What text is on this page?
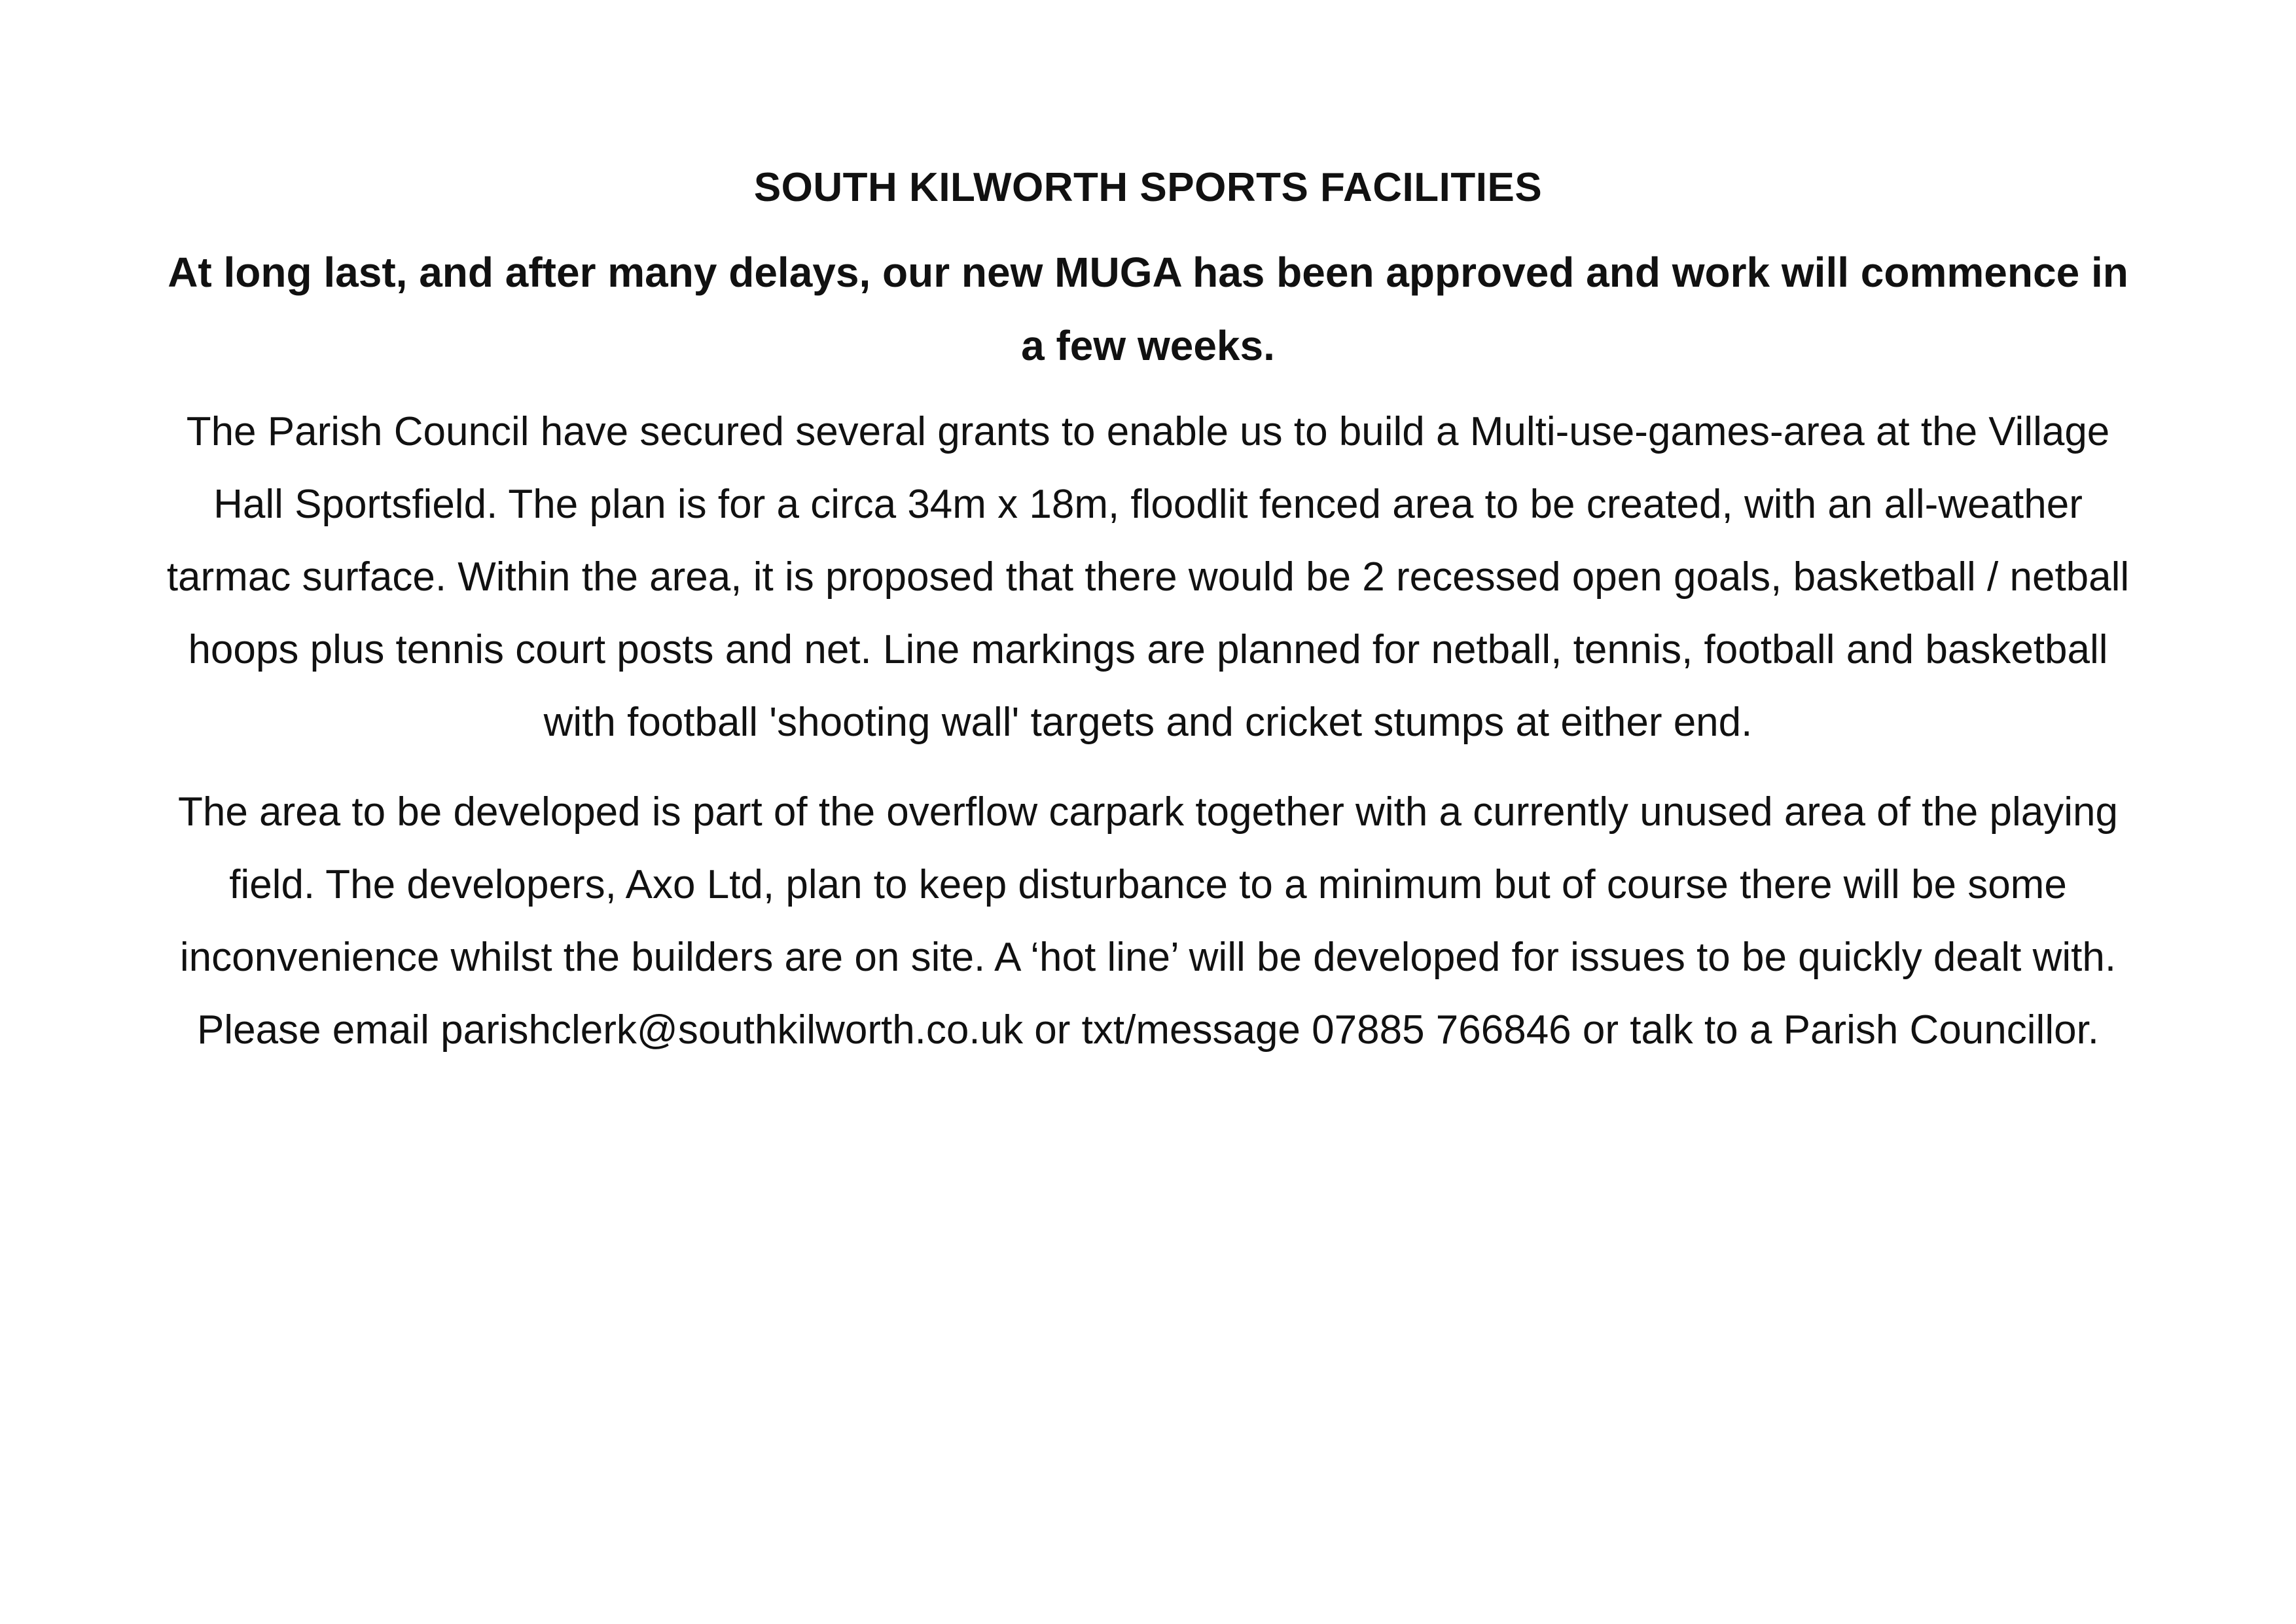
SOUTH KILWORTH SPORTS FACILITIES

At long last, and after many delays, our new MUGA has been approved and work will commence in a few weeks.

The Parish Council have secured several grants to enable us to build a Multi-use-games-area at the Village Hall Sportsfield. The plan is for a circa 34m x 18m, floodlit fenced area to be created, with an all-weather tarmac surface. Within the area, it is proposed that there would be 2 recessed open goals, basketball / netball hoops plus tennis court posts and net. Line markings are planned for netball, tennis, football and basketball with football 'shooting wall' targets and cricket stumps at either end.

The area to be developed is part of the overflow carpark together with a currently unused area of the playing field. The developers, Axo Ltd, plan to keep disturbance to a minimum but of course there will be some inconvenience whilst the builders are on site. A ‘hot line’ will be developed for issues to be quickly dealt with. Please email parishclerk@southkilworth.co.uk or txt/message 07885 766846 or talk to a Parish Councillor.
